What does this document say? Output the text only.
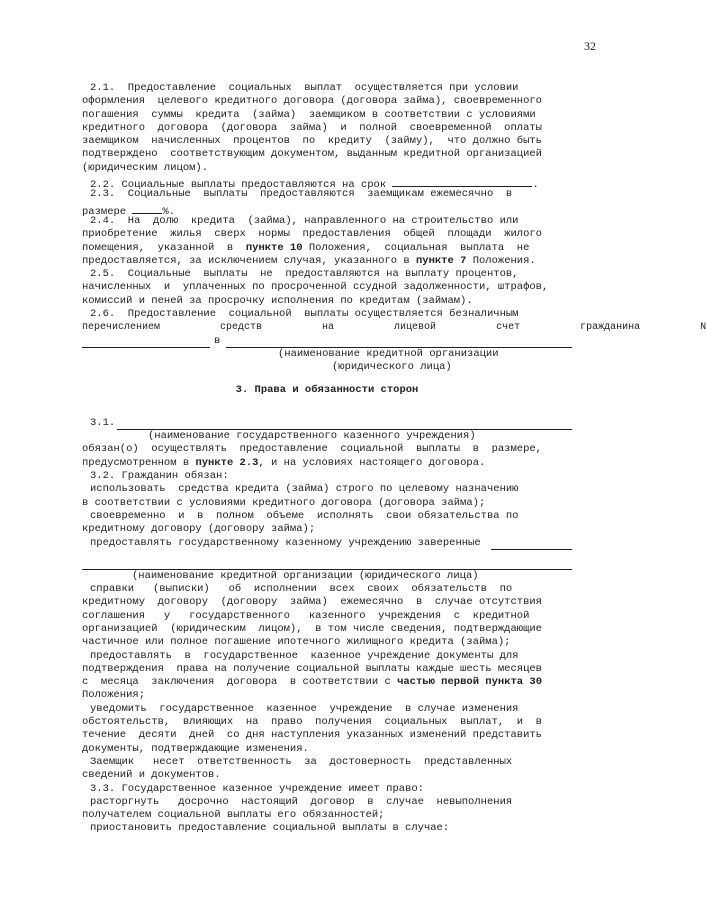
32
2.1.  Предоставление  социальных  выплат  осуществляется при условии
оформления  целевого кредитного договора (договора займа), своевременного
погашения  суммы  кредита  (займа)  заемщиком в соответствии с условиями
кредитного  договора  (договора  займа)  и  полной  своевременной  оплаты
заемщиком  начисленных  процентов  по  кредиту  (займу),  что должно быть
подтверждено  соответствующим документом, выданным кредитной организацией
(юридическим лицом).
2.2. Социальные выплаты предоставляются на срок	.
2.3.  Социальные  выплаты  предоставляются  заемщикам ежемесячно  в
размере	%.
2.4.  На  долю  кредита  (займа), направленного на строительство или
приобретение  жилья  сверх  нормы  предоставления  общей  площади  жилого
помещения,  указанной  в пункте 10 Положения,  социальная  выплата  не
предоставляется, за исключением случая, указанного в пункте 7 Положения.
2.5.  Социальные  выплаты  не  предоставляются на выплату процентов,
начисленных  и  уплаченных по просроченной ссудной задолженности, штрафов,
комиссий и пеней за просрочку исполнения по кредитам (займам).
2.6.  Предоставление  социальной  выплаты осуществляется безналичным
перечислением          средств          на          лицевой          счет          гражданина          N
в
(наименование кредитной организации
(юридического лица)
3. Права и обязанности сторон
3.1.
(наименование государственного казенного учреждения)
обязан(о)  осуществлять  предоставление  социальной  выплаты  в  размере,
предусмотренном в пункте 2.3, и на условиях настоящего договора.
3.2. Гражданин обязан:
использовать  средства кредита (займа) строго по целевому назначению
в соответствии с условиями кредитного договора (договора займа);
своевременно  и  в  полном  объеме  исполнять  свои обязательства по
кредитному договору (договору займа);
предоставлять государственному казенному учреждению заверенные
(наименование кредитной организации (юридического лица)
справки   (выписки)   об  исполнении  всех  своих  обязательств  по
кредитному  договору  (договору  займа)  ежемесячно  в  случае отсутствия
соглашения   у   государственного   казенного  учреждения  с  кредитной
организацией  (юридическим  лицом),  в том числе сведения, подтверждающие
частичное или полное погашение ипотечного жилищного кредита (займа);
предоставлять  в  государственное  казенное учреждение документы для
подтверждения  права на получение социальной выплаты каждые шесть месяцев
с  месяца  заключения  договора  в соответствии с частью первой пункта 30
Положения;
уведомить  государственное  казенное  учреждение  в случае изменения
обстоятельств,  влияющих  на  право  получения  социальных  выплат,  и  в
течение  десяти  дней  со дня наступления указанных изменений представить
документы, подтверждающие изменения.
Заемщик   несет  ответственность  за  достоверность  представленных
сведений и документов.
3.3. Государственное казенное учреждение имеет право:
расторгнуть   досрочно  настоящий  договор  в  случае  невыполнения
получателем социальной выплаты его обязанностей;
приостановить предоставление социальной выплаты в случае:
